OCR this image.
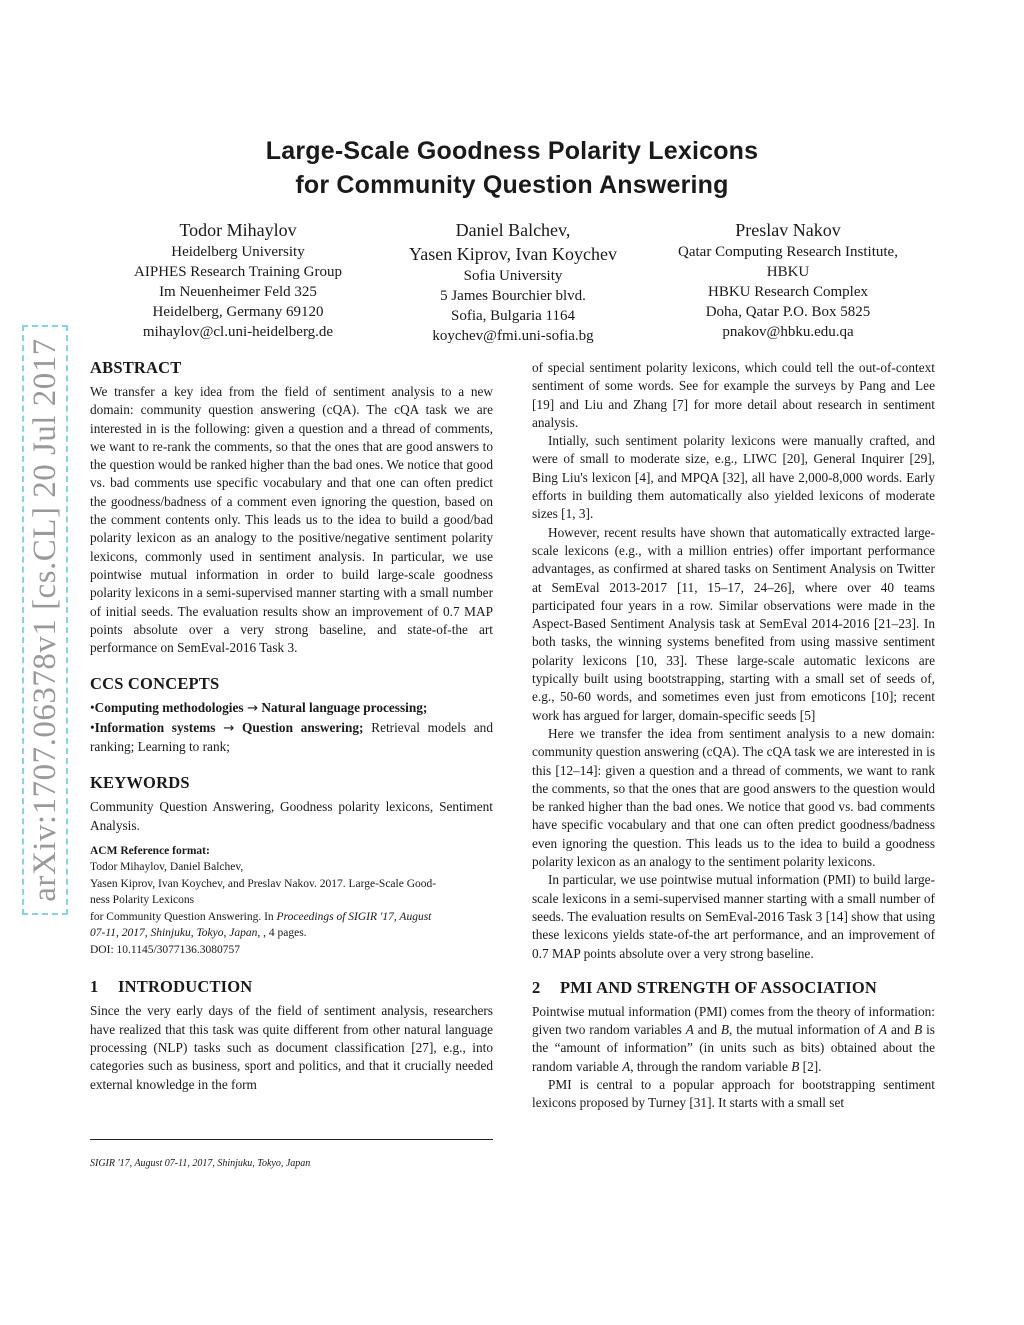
Large-Scale Goodness Polarity Lexicons
for Community Question Answering
Todor Mihaylov
Heidelberg University
AIPHES Research Training Group
Im Neuenheimer Feld 325
Heidelberg, Germany 69120
mihaylov@cl.uni-heidelberg.de
Daniel Balchev,
Yasen Kiprov, Ivan Koychev
Sofia University
5 James Bourchier blvd.
Sofia, Bulgaria 1164
koychev@fmi.uni-sofia.bg
Preslav Nakov
Qatar Computing Research Institute,
HBKU
HBKU Research Complex
Doha, Qatar P.O. Box 5825
pnakov@hbku.edu.qa
arXiv:1707.06378v1 [cs.CL] 20 Jul 2017	ABSTRACT

We transfer a key idea from the field of sentiment analysis to a new domain: community question answering (cQA). The cQA task we are interested in is the following: given a question and a thread of comments, we want to re-rank the comments, so that the ones that are good answers to the question would be ranked higher than the bad ones. We notice that good vs. bad comments use specific vocabulary and that one can often predict the goodness/badness of a comment even ignoring the question, based on the comment contents only. This leads us to the idea to build a good/bad polarity lexicon as an analogy to the positive/negative sentiment polarity lexicons, commonly used in sentiment analysis. In particular, we use pointwise mutual information in order to build large-scale goodness polarity lexicons in a semi-supervised manner starting with a small number of initial seeds. The evaluation results show an improvement of 0.7 MAP points absolute over a very strong baseline, and state-of-the art performance on SemEval-2016 Task 3.

CCS CONCEPTS
•Computing methodologies → Natural language processing;
•Information systems → Question answering; Retrieval models and ranking; Learning to rank;
KEYWORDS

Community Question Answering, Goodness polarity lexicons, Sentiment Analysis.

ACM Reference format:
Todor Mihaylov, Daniel Balchev,
Yasen Kiprov, Ivan Koychev, and Preslav Nakov. 2017. Large-Scale Good-
ness Polarity Lexicons
for Community Question Answering. In Proceedings of SIGIR '17, August
07-11, 2017, Shinjuku, Tokyo, Japan, , 4 pages.
DOI: 10.1145/3077136.3080757
1 INTRODUCTION

Since the very early days of the field of sentiment analysis, researchers have realized that this task was quite different from other natural language processing (NLP) tasks such as document classification [27], e.g., into categories such as business, sport and politics, and that it crucially needed external knowledge in the form

SIGIR '17, August 07-11, 2017, Shinjuku, Tokyo, Japan

of special sentiment polarity lexicons, which could tell the out-of-context sentiment of some words. See for example the surveys by Pang and Lee [19] and Liu and Zhang [7] for more detail about research in sentiment analysis.

Intially, such sentiment polarity lexicons were manually crafted, and were of small to moderate size, e.g., LIWC [20], General Inquirer [29], Bing Liu's lexicon [4], and MPQA [32], all have 2,000-8,000 words. Early efforts in building them automatically also yielded lexicons of moderate sizes [1, 3].

However, recent results have shown that automatically extracted large-scale lexicons (e.g., with a million entries) offer important performance advantages, as confirmed at shared tasks on Sentiment Analysis on Twitter at SemEval 2013-2017 [11, 15–17, 24–26], where over 40 teams participated four years in a row. Similar observations were made in the Aspect-Based Sentiment Analysis task at SemEval 2014-2016 [21–23]. In both tasks, the winning systems benefited from using massive sentiment polarity lexicons [10, 33]. These large-scale automatic lexicons are typically built using bootstrapping, starting with a small set of seeds of, e.g., 50-60 words, and sometimes even just from emoticons [10]; recent work has argued for larger, domain-specific seeds [5]

Here we transfer the idea from sentiment analysis to a new domain: community question answering (cQA). The cQA task we are interested in is this [12–14]: given a question and a thread of comments, we want to rank the comments, so that the ones that are good answers to the question would be ranked higher than the bad ones. We notice that good vs. bad comments have specific vocabulary and that one can often predict goodness/badness even ignoring the question. This leads us to the idea to build a goodness polarity lexicon as an analogy to the sentiment polarity lexicons.

In particular, we use pointwise mutual information (PMI) to build large-scale lexicons in a semi-supervised manner starting with a small number of seeds. The evaluation results on SemEval-2016 Task 3 [14] show that using these lexicons yields state-of-the art performance, and an improvement of 0.7 MAP points absolute over a very strong baseline.

2 PMI AND STRENGTH OF ASSOCIATION

Pointwise mutual information (PMI) comes from the theory of information: given two random variables A and B, the mutual information of A and B is the “amount of information” (in units such as bits) obtained about the random variable A, through the random variable B [2].

PMI is central to a popular approach for bootstrapping sentiment lexicons proposed by Turney [31]. It starts with a small set
